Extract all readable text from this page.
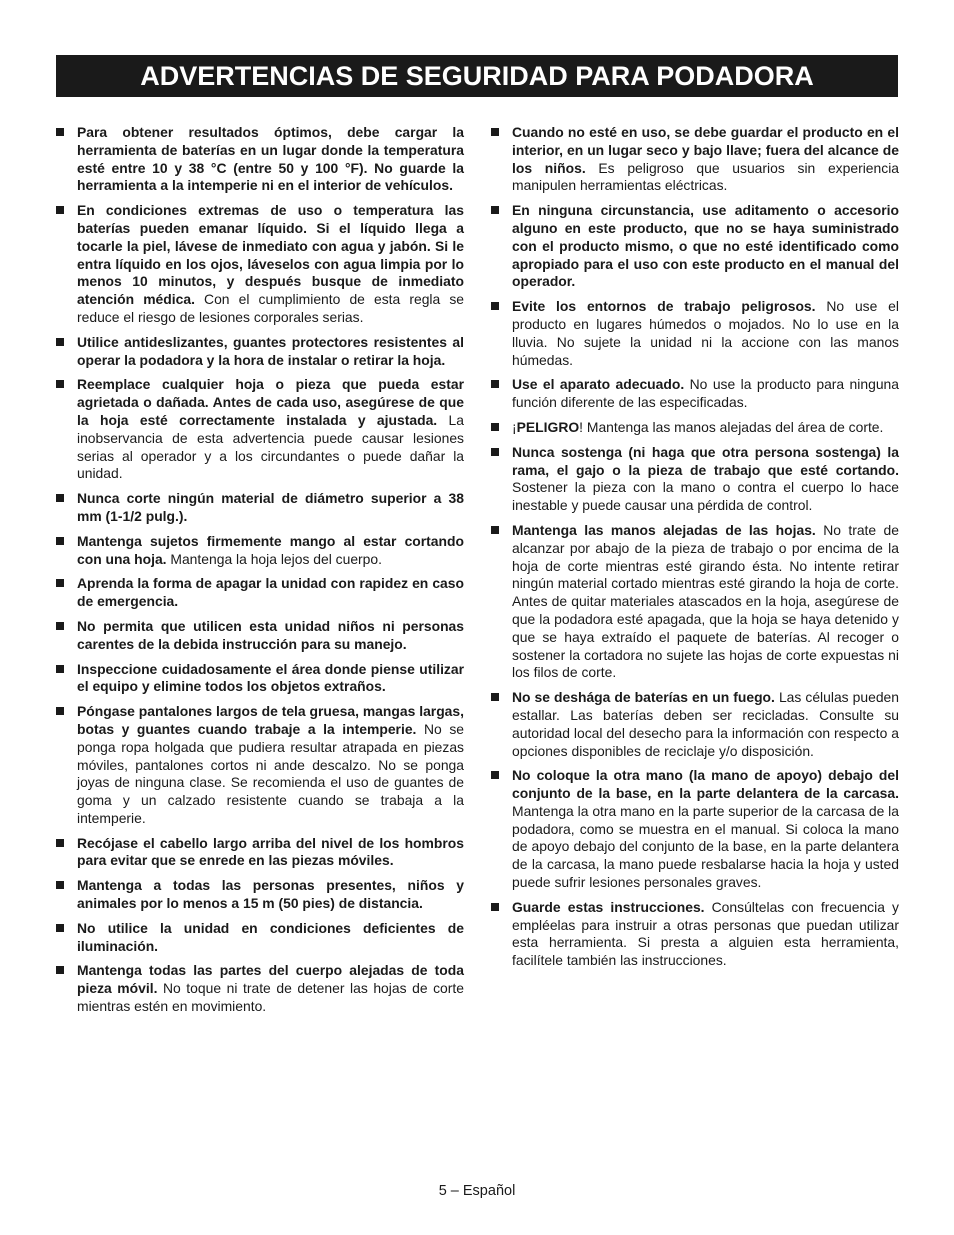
ADVERTENCIAS DE SEGURIDAD PARA PODADORA
Para obtener resultados óptimos, debe cargar la herramienta de baterías en un lugar donde la temperatura esté entre 10 y 38 °C (entre 50 y 100 °F). No guarde la herramienta a la intemperie ni en el interior de vehículos.
En condiciones extremas de uso o temperatura las baterías pueden emanar líquido. Si el líquido llega a tocarle la piel, lávese de inmediato con agua y jabón. Si le entra líquido en los ojos, láveselos con agua limpia por lo menos 10 minutos, y después busque de inmediato atención médica. Con el cumplimiento de esta regla se reduce el riesgo de lesiones corporales serias.
Utilice antideslizantes, guantes protectores resistentes al operar la podadora y la hora de instalar o retirar la hoja.
Reemplace cualquier hoja o pieza que pueda estar agrietada o dañada. Antes de cada uso, asegúrese de que la hoja esté correctamente instalada y ajustada. La inobservancia de esta advertencia puede causar lesiones serias al operador y a los circundantes o puede dañar la unidad.
Nunca corte ningún material de diámetro superior a 38 mm (1-1/2 pulg.).
Mantenga sujetos firmemente mango al estar cortando con una hoja. Mantenga la hoja lejos del cuerpo.
Aprenda la forma de apagar la unidad con rapidez en caso de emergencia.
No permita que utilicen esta unidad niños ni personas carentes de la debida instrucción para su manejo.
Inspeccione cuidadosamente el área donde piense utilizar el equipo y elimine todos los objetos extraños.
Póngase pantalones largos de tela gruesa, mangas largas, botas y guantes cuando trabaje a la intemperie. No se ponga ropa holgada que pudiera resultar atrapada en piezas móviles, pantalones cortos ni ande descalzo. No se ponga joyas de ninguna clase. Se recomienda el uso de guantes de goma y un calzado resistente cuando se trabaja a la intemperie.
Recójase el cabello largo arriba del nivel de los hombros para evitar que se enrede en las piezas móviles.
Mantenga a todas las personas presentes, niños y animales por lo menos a 15 m (50 pies) de distancia.
No utilice la unidad en condiciones deficientes de iluminación.
Mantenga todas las partes del cuerpo alejadas de toda pieza móvil. No toque ni trate de detener las hojas de corte mientras estén en movimiento.
Cuando no esté en uso, se debe guardar el producto en el interior, en un lugar seco y bajo llave; fuera del alcance de los niños. Es peligroso que usuarios sin experiencia manipulen herramientas eléctricas.
En ninguna circunstancia, use aditamento o accesorio alguno en este producto, que no se haya suministrado con el producto mismo, o que no esté identificado como apropiado para el uso con este producto en el manual del operador.
Evite los entornos de trabajo peligrosos. No use el producto en lugares húmedos o mojados. No lo use en la lluvia. No sujete la unidad ni la accione con las manos húmedas.
Use el aparato adecuado. No use la producto para ninguna función diferente de las especificadas.
¡PELIGRO! Mantenga las manos alejadas del área de corte.
Nunca sostenga (ni haga que otra persona sostenga) la rama, el gajo o la pieza de trabajo que esté cortando. Sostener la pieza con la mano o contra el cuerpo lo hace inestable y puede causar una pérdida de control.
Mantenga las manos alejadas de las hojas. No trate de alcanzar por abajo de la pieza de trabajo o por encima de la hoja de corte mientras esté girando ésta. No intente retirar ningún material cortado mientras esté girando la hoja de corte. Antes de quitar materiales atascados en la hoja, asegúrese de que la podadora esté apagada, que la hoja se haya detenido y que se haya extraído el paquete de baterías. Al recoger o sostener la cortadora no sujete las hojas de corte expuestas ni los filos de corte.
No se deshága de baterías en un fuego. Las células pueden estallar. Las baterías deben ser recicladas. Consulte su autoridad local del desecho para la información con respecto a opciones disponibles de reciclaje y/o disposición.
No coloque la otra mano (la mano de apoyo) debajo del conjunto de la base, en la parte delantera de la carcasa. Mantenga la otra mano en la parte superior de la carcasa de la podadora, como se muestra en el manual. Si coloca la mano de apoyo debajo del conjunto de la base, en la parte delantera de la carcasa, la mano puede resbalarse hacia la hoja y usted puede sufrir lesiones personales graves.
Guarde estas instrucciones. Consúltelas con frecuencia y empléelas para instruir a otras personas que puedan utilizar esta herramienta. Si presta a alguien esta herramienta, facilítele también las instrucciones.
5 – Español
